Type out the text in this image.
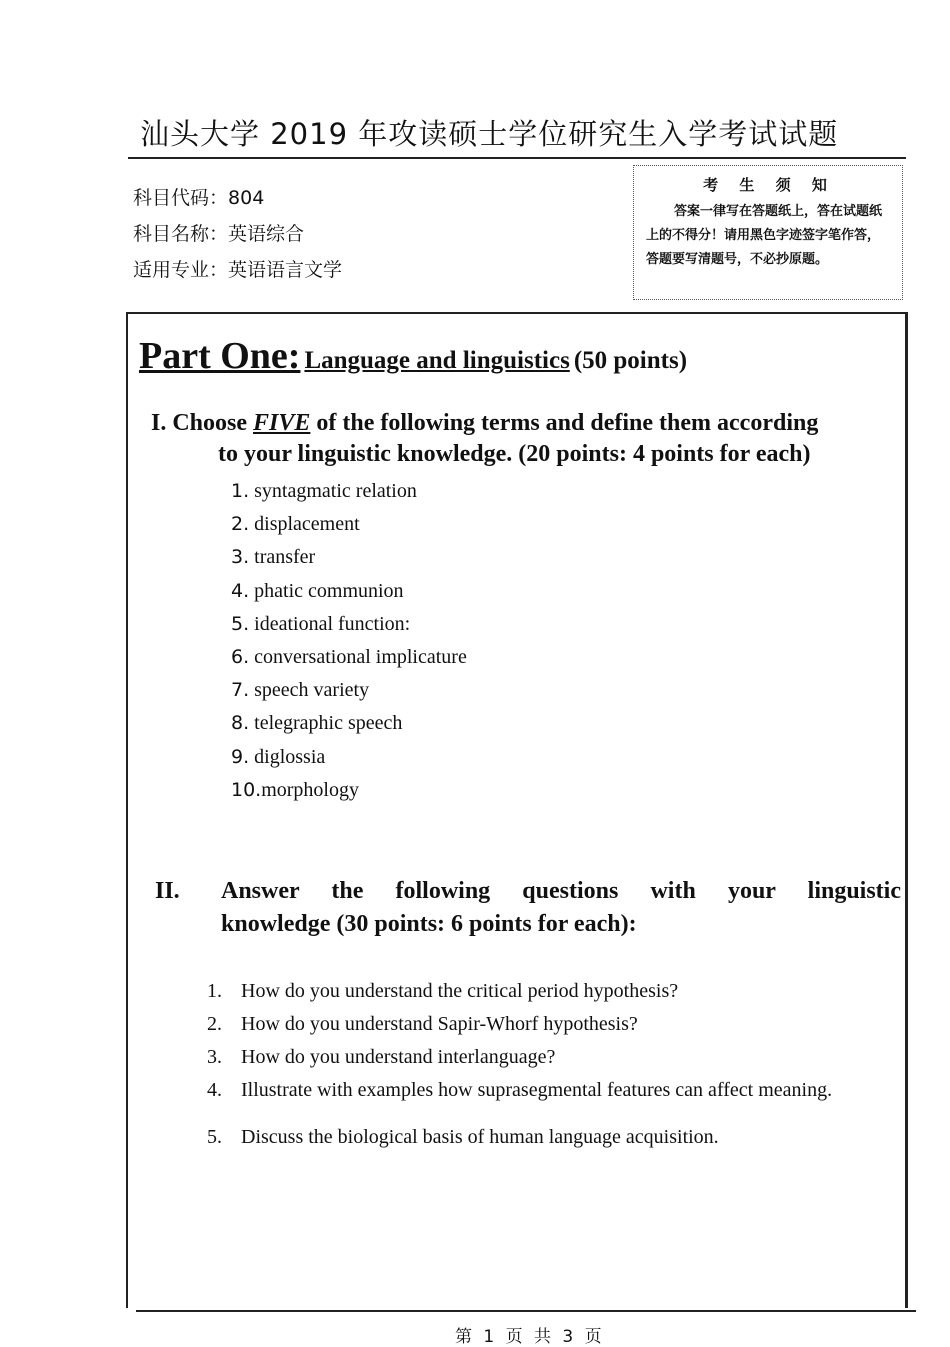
汕头大学 2019 年攻读硕士学位研究生入学考试试题
科目代码：804
科目名称：英语综合
适用专业：英语语言文学
考 生 须 知
答案一律写在答题纸上，答在试题纸上的不得分！请用黑色字迹签字笔作答，答题要写清题号，不必抄原题。
Part One: Language and linguistics (50 points)
I. Choose FIVE of the following terms and define them according
to your linguistic knowledge. (20 points: 4 points for each)
1. syntagmatic relation
2. displacement
3. transfer
4. phatic communion
5. ideational function:
6. conversational implicature
7. speech variety
8. telegraphic speech
9. diglossia
10.morphology
II. Answer the following questions with your linguistic
knowledge (30 points: 6 points for each):
1. How do you understand the critical period hypothesis?
2. How do you understand Sapir-Whorf hypothesis?
3. How do you understand interlanguage?
4. Illustrate with examples how suprasegmental features can affect meaning.
5. Discuss the biological basis of human language acquisition.
第 1 页 共 3 页
